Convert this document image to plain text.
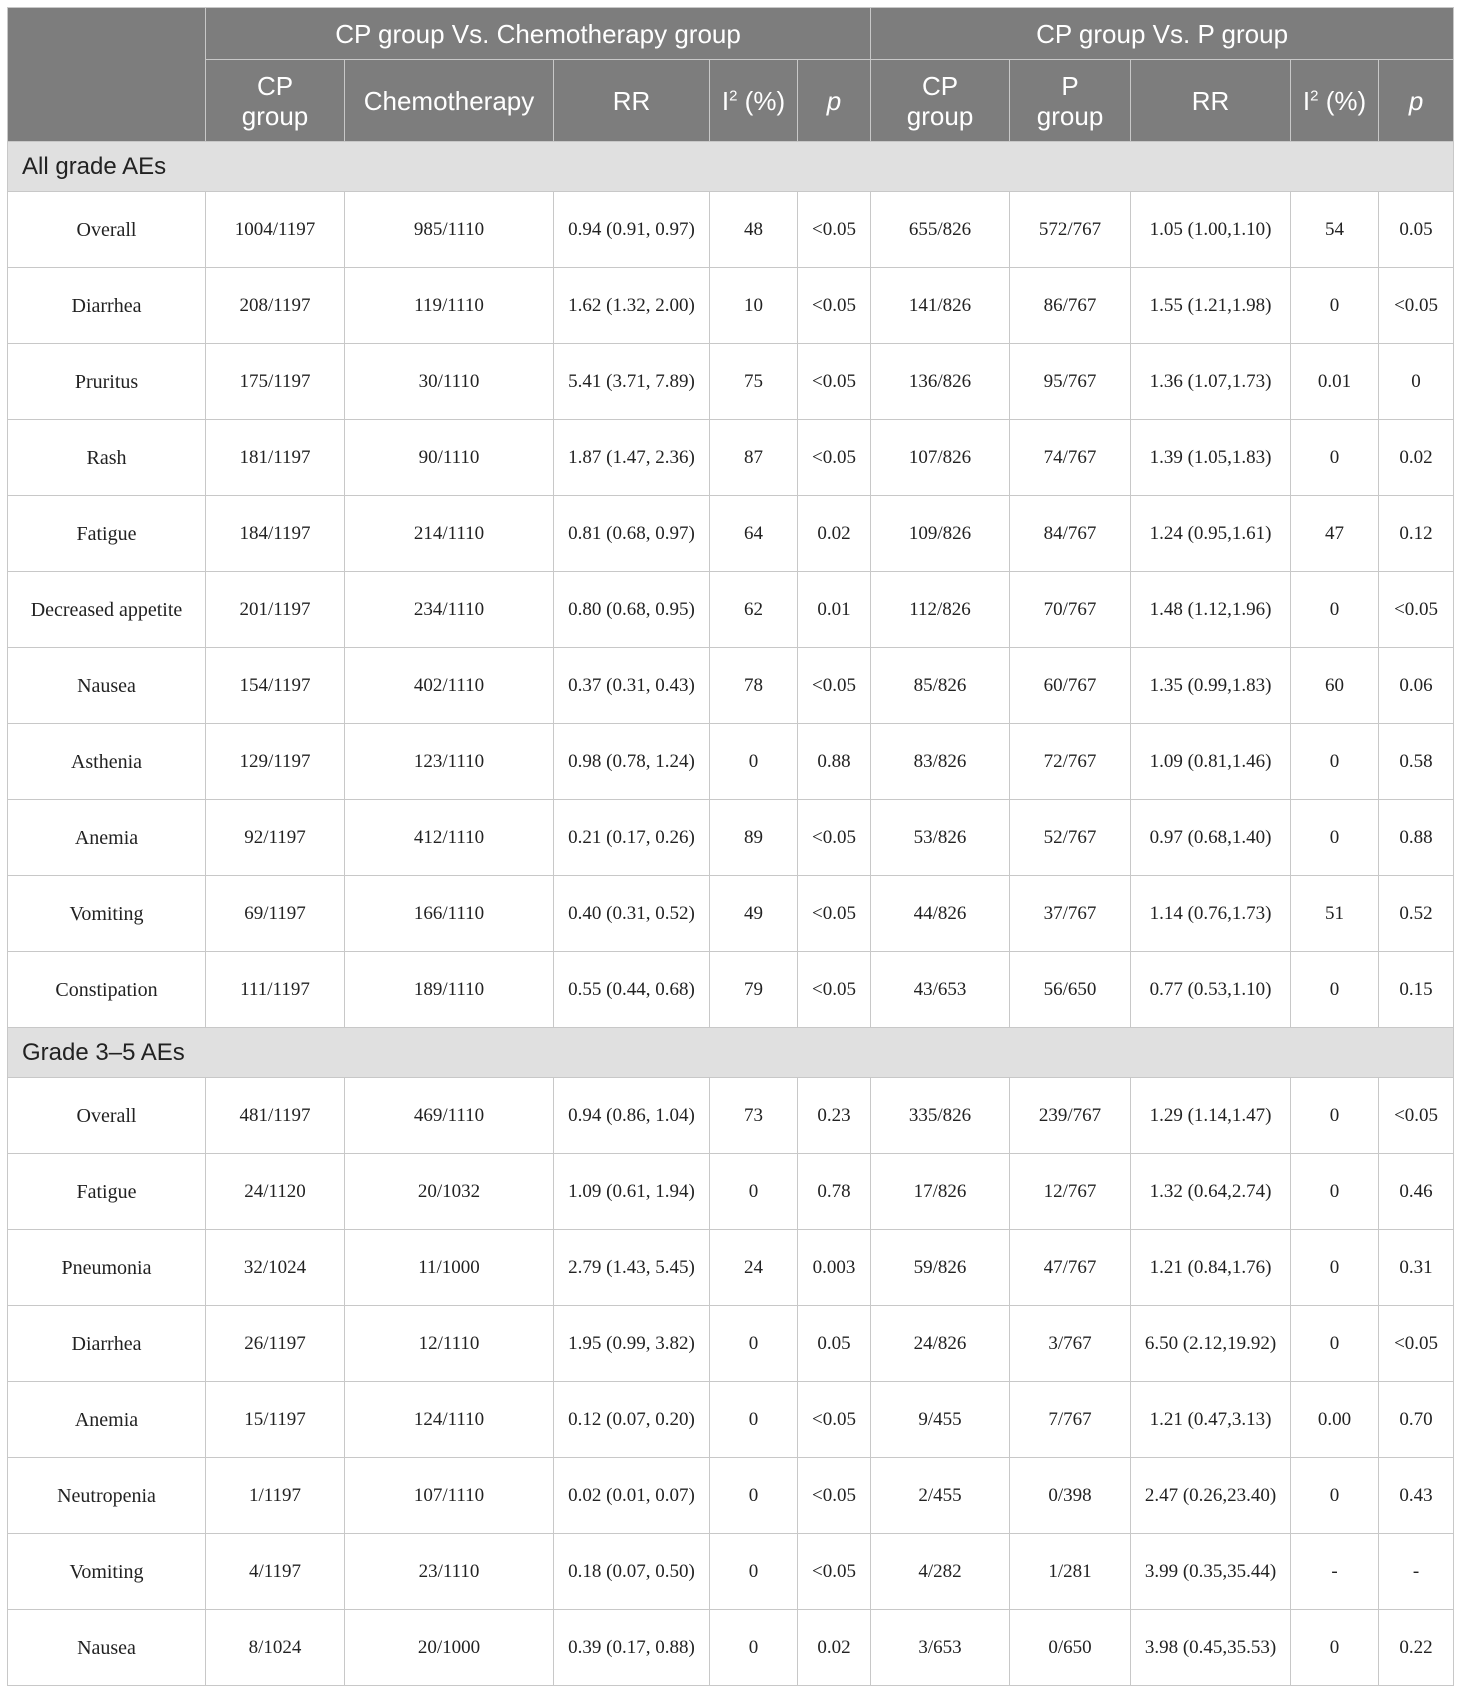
	CP group Vs. Chemotherapy group					CP group Vs. P group				
	CP group	Chemotherapy	RR	$I^2$ (%)	p	CP group	P group	RR	$I^2$ (%)	p
All grade AEs										
Overall	1004/1197	985/1110	0.94 (0.91, 0.97)	48	<0.05	655/826	572/767	1.05 (1.00,1.10)	54	0.05
Diarrhea	208/1197	119/1110	1.62 (1.32, 2.00)	10	<0.05	141/826	86/767	1.55 (1.21,1.98)	0	<0.05
Pruritus	175/1197	30/1110	5.41 (3.71, 7.89)	75	<0.05	136/826	95/767	1.36 (1.07,1.73)	0.01	0
Rash	181/1197	90/1110	1.87 (1.47, 2.36)	87	<0.05	107/826	74/767	1.39 (1.05,1.83)	0	0.02
Fatigue	184/1197	214/1110	0.81 (0.68, 0.97)	64	0.02	109/826	84/767	1.24 (0.95,1.61)	47	0.12
Decreased appetite	201/1197	234/1110	0.80 (0.68, 0.95)	62	0.01	112/826	70/767	1.48 (1.12,1.96)	0	<0.05
Nausea	154/1197	402/1110	0.37 (0.31, 0.43)	78	<0.05	85/826	60/767	1.35 (0.99,1.83)	60	0.06
Asthenia	129/1197	123/1110	0.98 (0.78, 1.24)	0	0.88	83/826	72/767	1.09 (0.81,1.46)	0	0.58
Anemia	92/1197	412/1110	0.21 (0.17, 0.26)	89	<0.05	53/826	52/767	0.97 (0.68,1.40)	0	0.88
Vomiting	69/1197	166/1110	0.40 (0.31, 0.52)	49	<0.05	44/826	37/767	1.14 (0.76,1.73)	51	0.52
Constipation	111/1197	189/1110	0.55 (0.44, 0.68)	79	<0.05	43/653	56/650	0.77 (0.53,1.10)	0	0.15
Grade 3–5 AEs										
Overall	481/1197	469/1110	0.94 (0.86, 1.04)	73	0.23	335/826	239/767	1.29 (1.14,1.47)	0	<0.05
Fatigue	24/1120	20/1032	1.09 (0.61, 1.94)	0	0.78	17/826	12/767	1.32 (0.64,2.74)	0	0.46
Pneumonia	32/1024	11/1000	2.79 (1.43, 5.45)	24	0.003	59/826	47/767	1.21 (0.84,1.76)	0	0.31
Diarrhea	26/1197	12/1110	1.95 (0.99, 3.82)	0	0.05	24/826	3/767	6.50 (2.12,19.92)	0	<0.05
Anemia	15/1197	124/1110	0.12 (0.07, 0.20)	0	<0.05	9/455	7/767	1.21 (0.47,3.13)	0.00	0.70
Neutropenia	1/1197	107/1110	0.02 (0.01, 0.07)	0	<0.05	2/455	0/398	2.47 (0.26,23.40)	0	0.43
Vomiting	4/1197	23/1110	0.18 (0.07, 0.50)	0	<0.05	4/282	1/281	3.99 (0.35,35.44)	-	-
Nausea	8/1024	20/1000	0.39 (0.17, 0.88)	0	0.02	3/653	0/650	3.98 (0.45,35.53)	0	0.22
